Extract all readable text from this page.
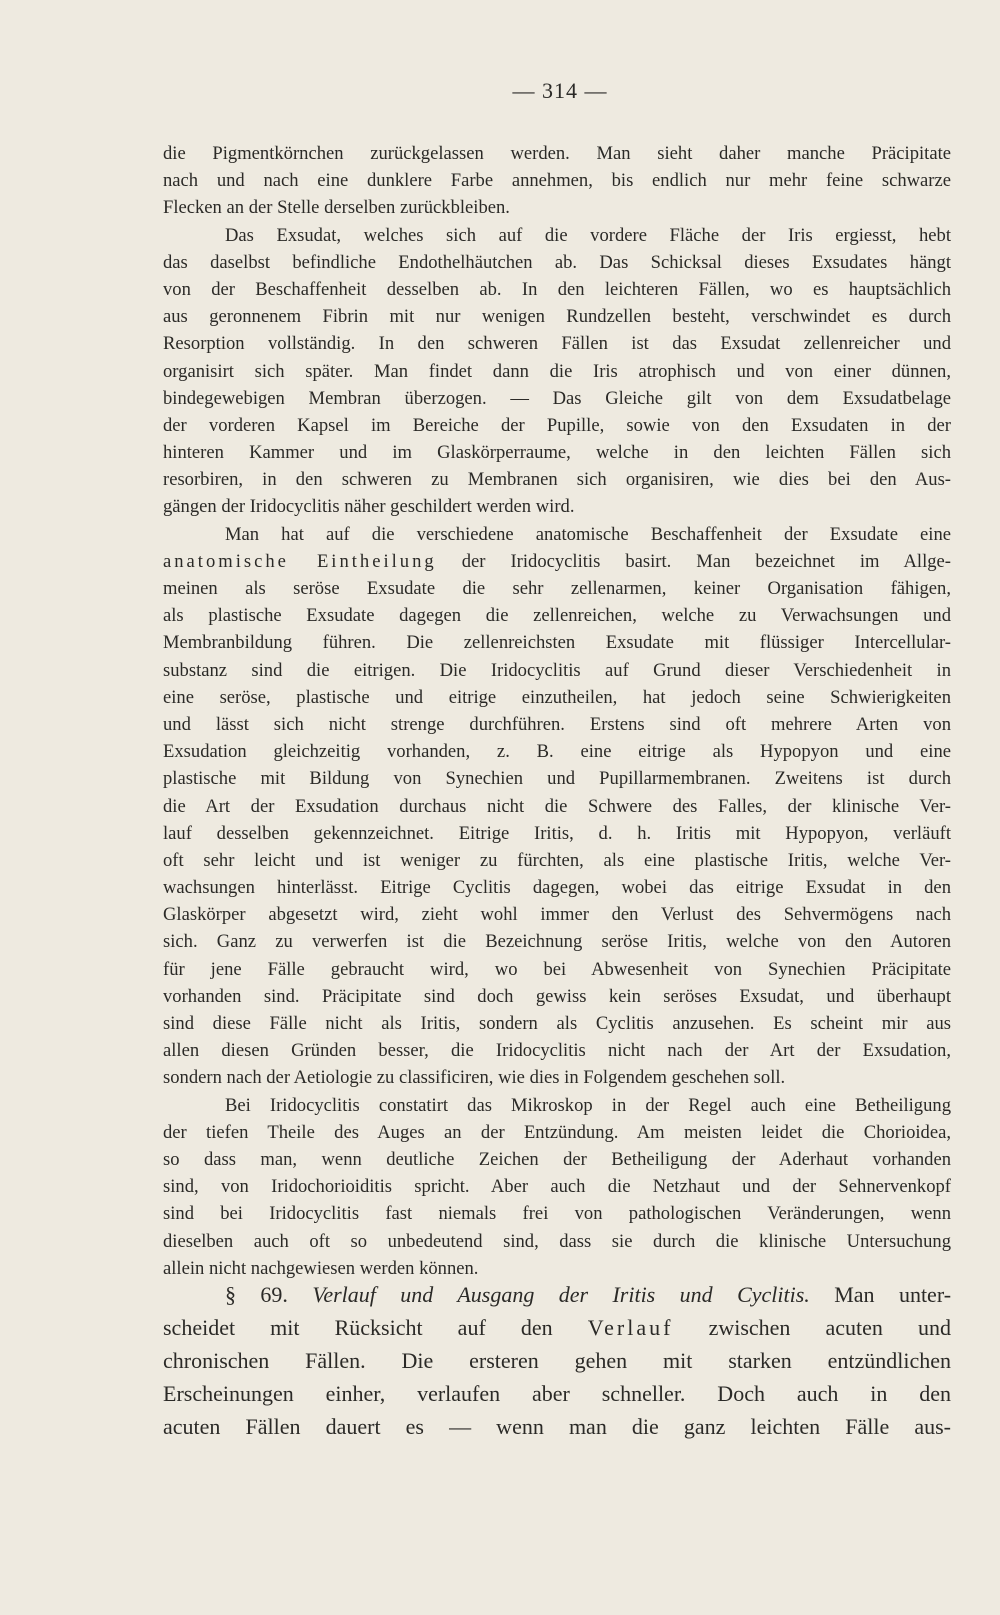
— 314 —
die Pigmentkörnchen zurückgelassen werden. Man sieht daher manche Präcipitate
nach und nach eine dunklere Farbe annehmen, bis endlich nur mehr feine schwarze
Flecken an der Stelle derselben zurückbleiben.
Das Exsudat, welches sich auf die vordere Fläche der Iris ergiesst, hebt
das daselbst befindliche Endothelhäutchen ab. Das Schicksal dieses Exsudates hängt
von der Beschaffenheit desselben ab. In den leichteren Fällen, wo es hauptsächlich
aus geronnenem Fibrin mit nur wenigen Rundzellen besteht, verschwindet es durch
Resorption vollständig. In den schweren Fällen ist das Exsudat zellenreicher und
organisirt sich später. Man findet dann die Iris atrophisch und von einer dünnen,
bindegewebigen Membran überzogen. — Das Gleiche gilt von dem Exsudatbelage
der vorderen Kapsel im Bereiche der Pupille, sowie von den Exsudaten in der
hinteren Kammer und im Glaskörperraume, welche in den leichten Fällen sich
resorbiren, in den schweren zu Membranen sich organisiren, wie dies bei den Aus-
gängen der Iridocyclitis näher geschildert werden wird.
Man hat auf die verschiedene anatomische Beschaffenheit der Exsudate eine
anatomische Eintheilung der Iridocyclitis basirt. Man bezeichnet im Allge-
meinen als seröse Exsudate die sehr zellenarmen, keiner Organisation fähigen,
als plastische Exsudate dagegen die zellenreichen, welche zu Verwachsungen und
Membranbildung führen. Die zellenreichsten Exsudate mit flüssiger Intercellular-
substanz sind die eitrigen. Die Iridocyclitis auf Grund dieser Verschiedenheit in
eine seröse, plastische und eitrige einzutheilen, hat jedoch seine Schwierigkeiten
und lässt sich nicht strenge durchführen. Erstens sind oft mehrere Arten von
Exsudation gleichzeitig vorhanden, z. B. eine eitrige als Hypopyon und eine
plastische mit Bildung von Synechien und Pupillarmembranen. Zweitens ist durch
die Art der Exsudation durchaus nicht die Schwere des Falles, der klinische Ver-
lauf desselben gekennzeichnet. Eitrige Iritis, d. h. Iritis mit Hypopyon, verläuft
oft sehr leicht und ist weniger zu fürchten, als eine plastische Iritis, welche Ver-
wachsungen hinterlässt. Eitrige Cyclitis dagegen, wobei das eitrige Exsudat in den
Glaskörper abgesetzt wird, zieht wohl immer den Verlust des Sehvermögens nach
sich. Ganz zu verwerfen ist die Bezeichnung seröse Iritis, welche von den Autoren
für jene Fälle gebraucht wird, wo bei Abwesenheit von Synechien Präcipitate
vorhanden sind. Präcipitate sind doch gewiss kein seröses Exsudat, und überhaupt
sind diese Fälle nicht als Iritis, sondern als Cyclitis anzusehen. Es scheint mir aus
allen diesen Gründen besser, die Iridocyclitis nicht nach der Art der Exsudation,
sondern nach der Aetiologie zu classificiren, wie dies in Folgendem geschehen soll.
Bei Iridocyclitis constatirt das Mikroskop in der Regel auch eine Betheiligung
der tiefen Theile des Auges an der Entzündung. Am meisten leidet die Chorioidea,
so dass man, wenn deutliche Zeichen der Betheiligung der Aderhaut vorhanden
sind, von Iridochorioiditis spricht. Aber auch die Netzhaut und der Sehnervenkopf
sind bei Iridocyclitis fast niemals frei von pathologischen Veränderungen, wenn
dieselben auch oft so unbedeutend sind, dass sie durch die klinische Untersuchung
allein nicht nachgewiesen werden können.
§ 69. Verlauf und Ausgang der Iritis und Cyclitis. Man unter-
scheidet mit Rücksicht auf den Verlauf zwischen acuten und
chronischen Fällen. Die ersteren gehen mit starken entzündlichen
Erscheinungen einher, verlaufen aber schneller. Doch auch in den
acuten Fällen dauert es — wenn man die ganz leichten Fälle aus-
